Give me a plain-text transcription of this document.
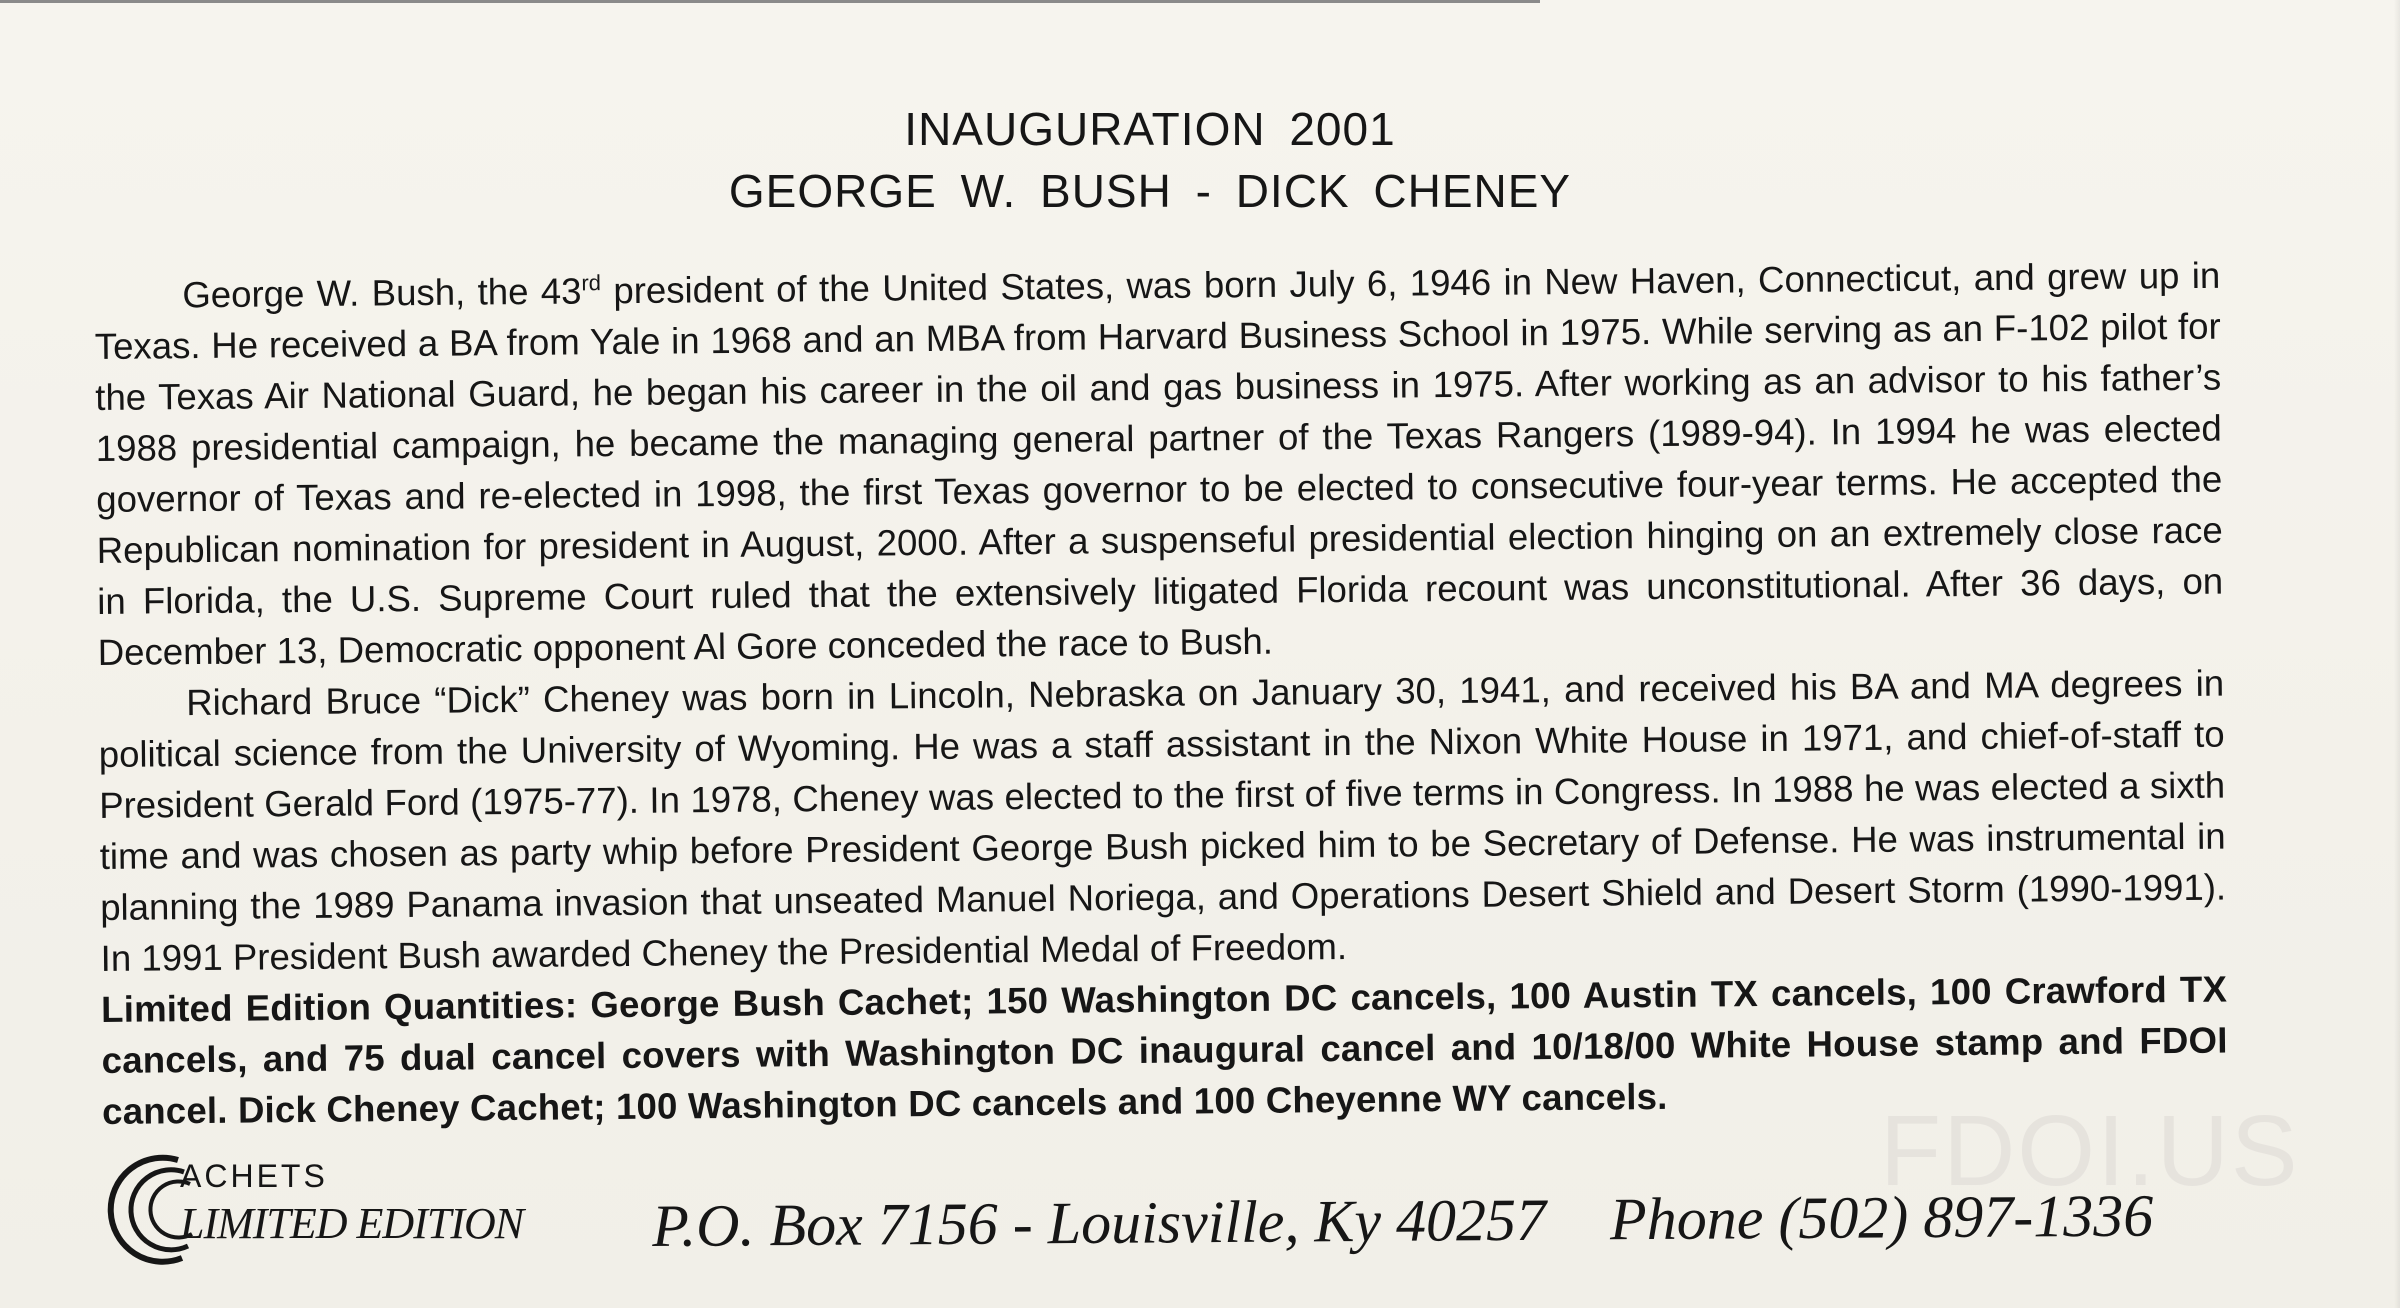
INAUGURATION 2001
GEORGE W. BUSH - DICK CHENEY

George W. Bush, the 43rd president of the United States, was born July 6, 1946 in New Haven, Connecticut, and grew up in Texas. He received a BA from Yale in 1968 and an MBA from Harvard Business School in 1975. While serving as an F-102 pilot for the Texas Air National Guard, he began his career in the oil and gas business in 1975. After working as an advisor to his father’s 1988 presidential campaign, he became the managing general partner of the Texas Rangers (1989-94). In 1994 he was elected governor of Texas and re-elected in 1998, the first Texas governor to be elected to consecutive four-year terms. He accepted the Republican nomination for president in August, 2000. After a suspenseful presidential election hinging on an extremely close race in Florida, the U.S. Supreme Court ruled that the extensively litigated Florida recount was unconstitutional. After 36 days, on December 13, Democratic opponent Al Gore conceded the race to Bush.

Richard Bruce “Dick” Cheney was born in Lincoln, Nebraska on January 30, 1941, and received his BA and MA degrees in political science from the University of Wyoming. He was a staff assistant in the Nixon White House in 1971, and chief-of-staff to President Gerald Ford (1975-77). In 1978, Cheney was elected to the first of five terms in Congress. In 1988 he was elected a sixth time and was chosen as party whip before President George Bush picked him to be Secretary of Defense. He was instrumental in planning the 1989 Panama invasion that unseated Manuel Noriega, and Operations Desert Shield and Desert Storm (1990-1991). In 1991 President Bush awarded Cheney the Presidential Medal of Freedom.

Limited Edition Quantities: George Bush Cachet; 150 Washington DC cancels, 100 Austin TX cancels, 100 Crawford TX cancels, and 75 dual cancel covers with Washington DC inaugural cancel and 10/18/00 White House stamp and FDOI cancel. Dick Cheney Cachet; 100 Washington DC cancels and 100 Cheyenne WY cancels.	FDOI.US
ACHETS
LIMITED EDITION P.O. Box 7156 - Louisville, Ky 40257 Phone (502) 897-1336
